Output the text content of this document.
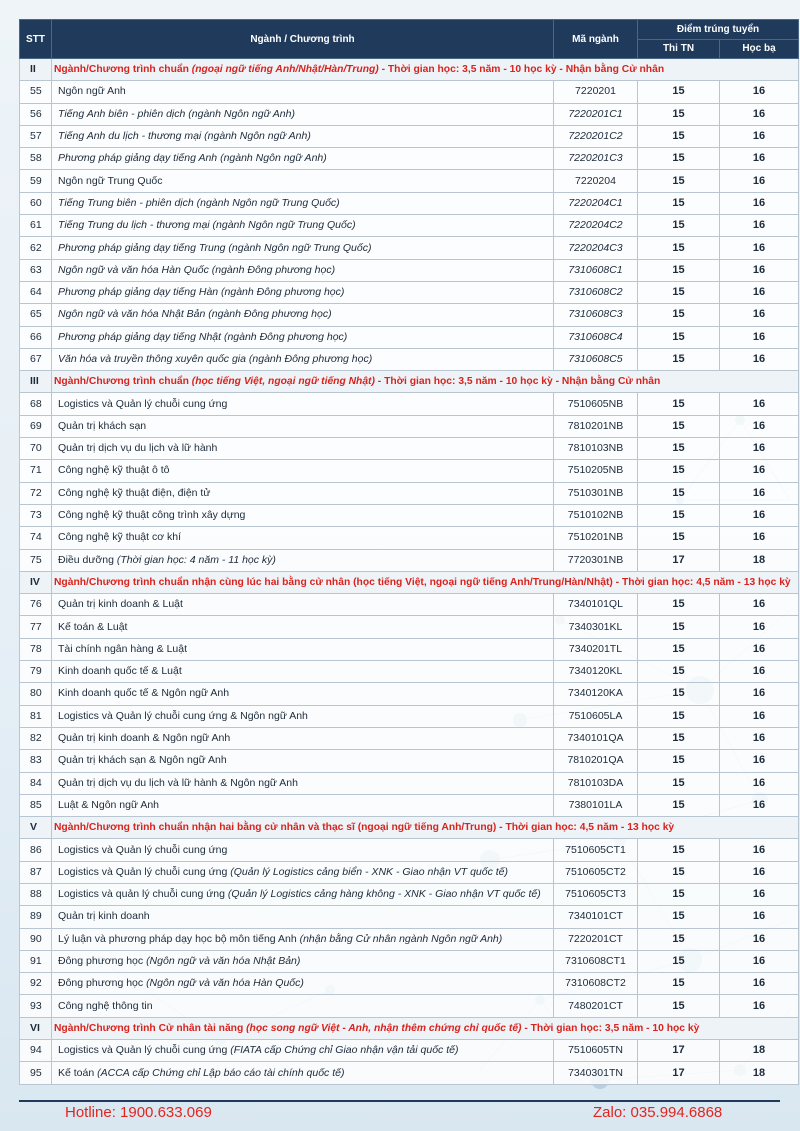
STT	Ngành / Chương trình	Mã ngành	Điểm trúng tuyển	
			Thi TN	Học bạ
II	Ngành/Chương trình chuẩn (ngoại ngữ tiếng Anh/Nhật/Hàn/Trung) - Thời gian học: 3,5 năm - 10 học kỳ - Nhận bằng Cử nhân			
55	Ngôn ngữ Anh	7220201	15	16
56	Tiếng Anh biên - phiên dịch (ngành Ngôn ngữ Anh)	7220201C1	15	16
57	Tiếng Anh du lịch - thương mại (ngành Ngôn ngữ Anh)	7220201C2	15	16
58	Phương pháp giảng dạy tiếng Anh (ngành Ngôn ngữ Anh)	7220201C3	15	16
59	Ngôn ngữ Trung Quốc	7220204	15	16
60	Tiếng Trung biên - phiên dịch (ngành Ngôn ngữ Trung Quốc)	7220204C1	15	16
61	Tiếng Trung du lịch - thương mại (ngành Ngôn ngữ Trung Quốc)	7220204C2	15	16
62	Phương pháp giảng dạy tiếng Trung (ngành Ngôn ngữ Trung Quốc)	7220204C3	15	16
63	Ngôn ngữ và văn hóa Hàn Quốc (ngành Đông phương học)	7310608C1	15	16
64	Phương pháp giảng dạy tiếng Hàn (ngành Đông phương học)	7310608C2	15	16
65	Ngôn ngữ và văn hóa Nhật Bản (ngành Đông phương học)	7310608C3	15	16
66	Phương pháp giảng dạy tiếng Nhật (ngành Đông phương học)	7310608C4	15	16
67	Văn hóa và truyền thông xuyên quốc gia (ngành Đông phương học)	7310608C5	15	16
III	Ngành/Chương trình chuẩn (học tiếng Việt, ngoại ngữ tiếng Nhật) - Thời gian học: 3,5 năm - 10 học kỳ - Nhận bằng Cử nhân			
68	Logistics và Quản lý chuỗi cung ứng	7510605NB	15	16
69	Quản trị khách sạn	7810201NB	15	16
70	Quản trị dịch vụ du lịch và lữ hành	7810103NB	15	16
71	Công nghệ kỹ thuật ô tô	7510205NB	15	16
72	Công nghệ kỹ thuật điện, điện tử	7510301NB	15	16
73	Công nghệ kỹ thuật công trình xây dựng	7510102NB	15	16
74	Công nghệ kỹ thuật cơ khí	7510201NB	15	16
75	Điều dưỡng (Thời gian học: 4 năm - 11 học kỳ)	7720301NB	17	18
IV	Ngành/Chương trình chuẩn nhận cùng lúc hai bằng cử nhân (học tiếng Việt, ngoại ngữ tiếng Anh/Trung/Hàn/Nhật) - Thời gian học: 4,5 năm - 13 học kỳ			
76	Quản trị kinh doanh & Luật	7340101QL	15	16
77	Kế toán & Luật	7340301KL	15	16
78	Tài chính ngân hàng & Luật	7340201TL	15	16
79	Kinh doanh quốc tế & Luật	7340120KL	15	16
80	Kinh doanh quốc tế & Ngôn ngữ Anh	7340120KA	15	16
81	Logistics và Quản lý chuỗi cung ứng & Ngôn ngữ Anh	7510605LA	15	16
82	Quản trị kinh doanh & Ngôn ngữ Anh	7340101QA	15	16
83	Quản trị khách sạn & Ngôn ngữ Anh	7810201QA	15	16
84	Quản trị dịch vụ du lịch và lữ hành & Ngôn ngữ Anh	7810103DA	15	16
85	Luật & Ngôn ngữ Anh	7380101LA	15	16
V	Ngành/Chương trình chuẩn nhận hai bằng cử nhân và thạc sĩ (ngoại ngữ tiếng Anh/Trung) - Thời gian học: 4,5 năm - 13 học kỳ			
86	Logistics và Quản lý chuỗi cung ứng	7510605CT1	15	16
87	Logistics và Quản lý chuỗi cung ứng (Quản lý Logistics cảng biển - XNK - Giao nhận VT quốc tế)	7510605CT2	15	16
88	Logistics và quản lý chuỗi cung ứng (Quản lý Logistics cảng hàng không - XNK - Giao nhận VT quốc tế)	7510605CT3	15	16
89	Quản trị kinh doanh	7340101CT	15	16
90	Lý luận và phương pháp dạy học bộ môn tiếng Anh (nhận bằng Cử nhân ngành Ngôn ngữ Anh)	7220201CT	15	16
91	Đông phương học (Ngôn ngữ và văn hóa Nhật Bản)	7310608CT1	15	16
92	Đông phương học (Ngôn ngữ và văn hóa Hàn Quốc)	7310608CT2	15	16
93	Công nghệ thông tin	7480201CT	15	16
VI	Ngành/Chương trình Cử nhân tài năng (học song ngữ Việt - Anh, nhận thêm chứng chỉ quốc tế) - Thời gian học: 3,5 năm - 10 học kỳ			
94	Logistics và Quản lý chuỗi cung ứng (FIATA cấp Chứng chỉ Giao nhận vận tải quốc tế)	7510605TN	17	18
95	Kế toán (ACCA cấp Chứng chỉ Lập báo cáo tài chính quốc tế)	7340301TN	17	18
Hotline: 1900.633.069	Zalo: 035.994.6868
